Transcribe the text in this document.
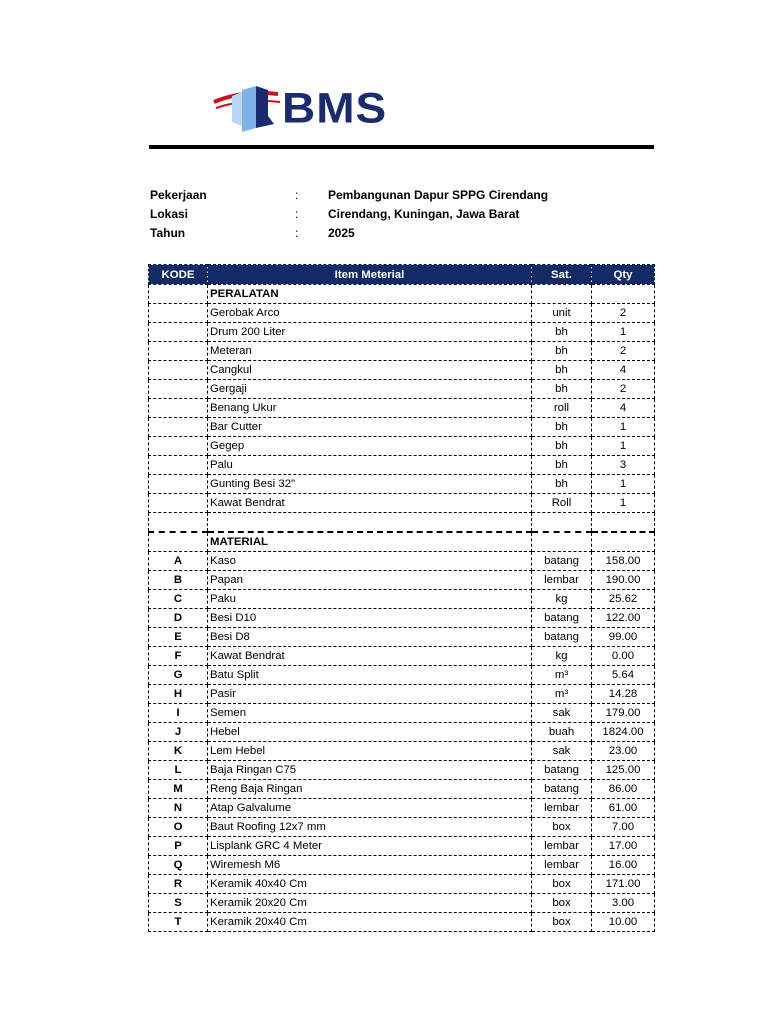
BMS
Pekerjaan	: Pembangunan Dapur SPPG Cirendang
Lokasi	: Cirendang, Kuningan, Jawa Barat
Tahun	: 2025
KODE	Item Meterial	Sat.	Qty
	PERALATAN		
	Gerobak Arco	unit	2
	Drum 200 Liter	bh	1
	Meteran	bh	2
	Cangkul	bh	4
	Gergaji	bh	2
	Benang Ukur	roll	4
	Bar Cutter	bh	1
	Gegep	bh	1
	Palu	bh	3
	Gunting Besi 32"	bh	1
	Kawat Bendrat	Roll	1

	MATERIAL		
A	Kaso	batang	158.00
B	Papan	lembar	190.00
C	Paku	kg	25.62
D	Besi D10	batang	122.00
E	Besi D8	batang	99.00
F	Kawat Bendrat	kg	0.00
G	Batu Split	m³	5.64
H	Pasir	m³	14.28
I	Semen	sak	179.00
J	Hebel	buah	1824.00
K	Lem Hebel	sak	23.00
L	Baja Ringan C75	batang	125.00
M	Reng Baja Ringan	batang	86.00
N	Atap Galvalume	lembar	61.00
O	Baut Roofing 12x7 mm	box	7.00
P	Lisplank GRC 4 Meter	lembar	17.00
Q	Wiremesh M6	lembar	16.00
R	Keramik 40x40 Cm	box	171.00
S	Keramik 20x20 Cm	box	3.00
T	Keramik 20x40 Cm	box	10.00
